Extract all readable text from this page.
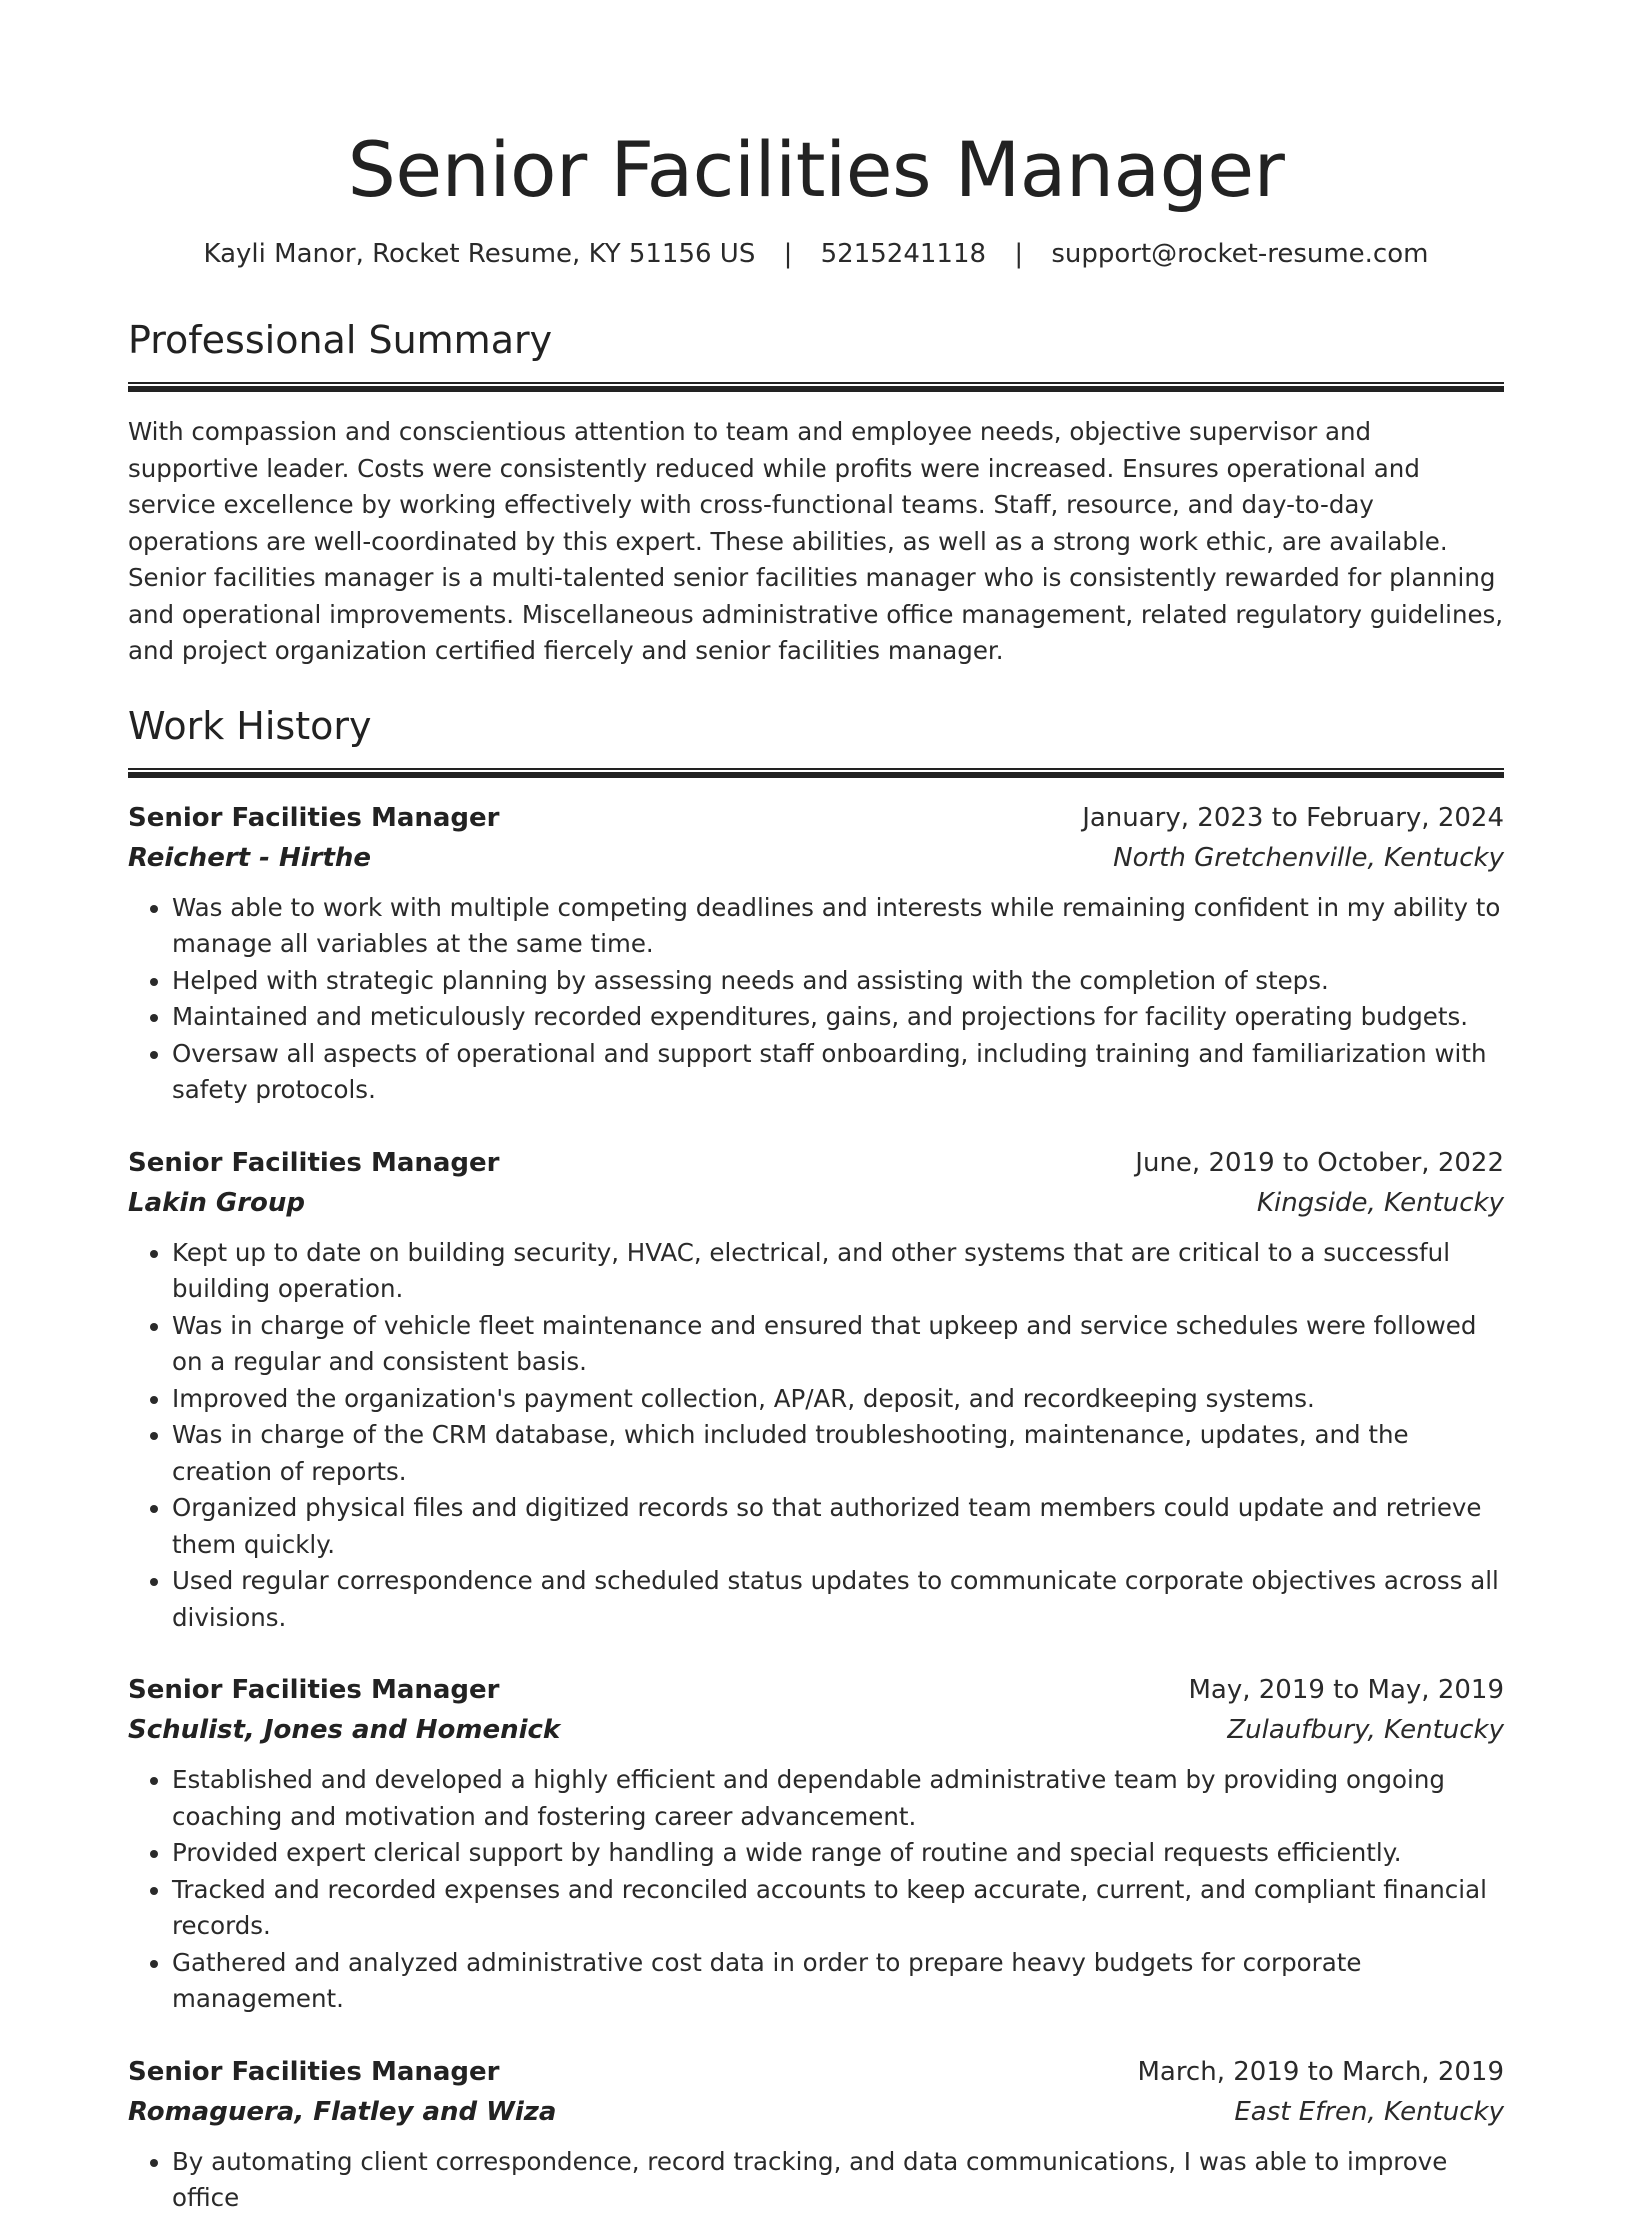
Senior Facilities Manager
Kayli Manor, Rocket Resume, KY 51156 US | 5215241118 | support@rocket-resume.com
Professional Summary

With compassion and conscientious attention to team and employee needs, objective supervisor and supportive leader. Costs were consistently reduced while profits were increased. Ensures operational and service excellence by working effectively with cross-functional teams. Staff, resource, and day-to-day operations are well-coordinated by this expert. These abilities, as well as a strong work ethic, are available. Senior facilities manager is a multi-talented senior facilities manager who is consistently rewarded for planning and operational improvements. Miscellaneous administrative office management, related regulatory guidelines, and project organization certified fiercely and senior facilities manager.

Work History
Senior Facilities Manager	January, 2023 to February, 2024
Reichert - Hirthe	North Gretchenville, Kentucky
• Was able to work with multiple competing deadlines and interests while remaining confident in my ability to manage all variables at the same time.
• Helped with strategic planning by assessing needs and assisting with the completion of steps.
• Maintained and meticulously recorded expenditures, gains, and projections for facility operating budgets.
• Oversaw all aspects of operational and support staff onboarding, including training and familiarization with safety protocols.
Senior Facilities Manager	June, 2019 to October, 2022
Lakin Group	Kingside, Kentucky
• Kept up to date on building security, HVAC, electrical, and other systems that are critical to a successful building operation.
• Was in charge of vehicle fleet maintenance and ensured that upkeep and service schedules were followed on a regular and consistent basis.
• Improved the organization's payment collection, AP/AR, deposit, and recordkeeping systems.
• Was in charge of the CRM database, which included troubleshooting, maintenance, updates, and the creation of reports.
• Organized physical files and digitized records so that authorized team members could update and retrieve them quickly.
• Used regular correspondence and scheduled status updates to communicate corporate objectives across all divisions.
Senior Facilities Manager	May, 2019 to May, 2019
Schulist, Jones and Homenick	Zulaufbury, Kentucky
• Established and developed a highly efficient and dependable administrative team by providing ongoing coaching and motivation and fostering career advancement.
• Provided expert clerical support by handling a wide range of routine and special requests efficiently.
• Tracked and recorded expenses and reconciled accounts to keep accurate, current, and compliant financial records.
• Gathered and analyzed administrative cost data in order to prepare heavy budgets for corporate management.
Senior Facilities Manager	March, 2019 to March, 2019
Romaguera, Flatley and Wiza	East Efren, Kentucky
• By automating client correspondence, record tracking, and data communications, I was able to improve office
